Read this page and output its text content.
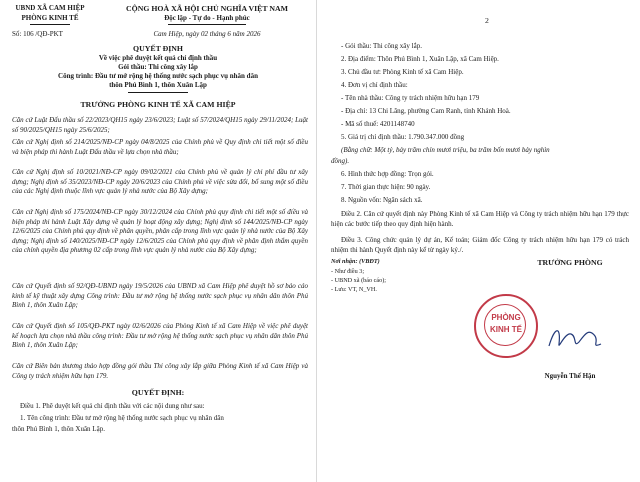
UBND XÃ CAM HIỆP
PHÒNG KINH TẾ
Số: 106 /QĐ-PKT
CỘNG HOÀ XÃ HỘI CHỦ NGHĨA VIỆT NAM
Độc lập - Tự do - Hạnh phúc
Cam Hiệp, ngày 02 tháng 6 năm 2026
QUYẾT ĐỊNH
Về việc phê duyệt kết quả chỉ định thầu
Gói thầu: Thi công xây lắp
Công trình: Đầu tư mở rộng hệ thống nước sạch phục vụ nhân dân
thôn Phú Bình 1, thôn Xuân Lập
TRƯỞNG PHÒNG KINH TẾ XÃ CAM HIỆP
Căn cứ Luật Đấu thầu số 22/2023/QH15 ngày 23/6/2023; Luật số 57/2024/QH15 ngày 29/11/2024; Luật số 90/2025/QH15 ngày 25/6/2025;
Căn cứ Nghị định số 214/2025/NĐ-CP ngày 04/8/2025 của Chính phủ về Quy định chi tiết một số điều và biện pháp thi hành Luật Đấu thầu về lựa chọn nhà thầu;
Căn cứ Nghị định số 10/2021/NĐ-CP ngày 09/02/2021 của Chính phủ về quản lý chi phí đầu tư xây dựng; Nghị định số 35/2023/NĐ-CP ngày 20/6/2023 của Chính phủ về việc sửa đổi, bổ sung một số điều của các Nghị định thuộc lĩnh vực quản lý nhà nước của Bộ Xây dựng;
Căn cứ Nghị định số 175/2024/NĐ-CP ngày 30/12/2024 của Chính phủ quy định chi tiết một số điều và biện pháp thi hành Luật Xây dựng về quản lý hoạt động xây dựng; Nghị định số 144/2025/NĐ-CP ngày 12/6/2025 của Chính phủ quy định về phân quyền, phân cấp trong lĩnh vực quản lý nhà nước của Bộ Xây dựng; Nghị định số 140/2025/NĐ-CP ngày 12/6/2025 của Chính phủ quy định về phân định thẩm quyền của chính quyền địa phương 02 cấp trong lĩnh vực quản lý nhà nước của Bộ Xây dựng;
Căn cứ Quyết định số 92/QĐ-UBND ngày 19/5/2026 của UBND xã Cam Hiệp phê duyệt hồ sơ báo cáo kinh tế kỹ thuật xây dựng Công trình: Đầu tư mở rộng hệ thống nước sạch phục vụ nhân dân thôn Phú Bình 1, thôn Xuân Lập;
Căn cứ Quyết định số 105/QĐ-PKT ngày 02/6/2026 của Phòng Kinh tế xã Cam Hiệp về việc phê duyệt kế hoạch lựa chọn nhà thầu công trình: Đầu tư mở rộng hệ thống nước sạch phục vụ nhân dân thôn Phú Bình 1, thôn Xuân Lập;
Căn cứ Biên bản thương thảo hợp đồng gói thầu Thi công xây lắp giữa Phòng Kinh tế xã Cam Hiệp và Công ty trách nhiệm hữu hạn 179.
QUYẾT ĐỊNH:
Điều 1. Phê duyệt kết quả chỉ định thầu với các nội dung như sau:
1. Tên công trình: Đầu tư mở rộng hệ thống nước sạch phục vụ nhân dân
thôn Phú Bình 1, thôn Xuân Lập.
2
- Gói thầu: Thi công xây lắp.
2. Địa điểm: Thôn Phú Bình 1, Xuân Lập, xã Cam Hiệp.
3. Chủ đầu tư: Phòng Kinh tế xã Cam Hiệp.
4. Đơn vị chỉ định thầu:
- Tên nhà thầu: Công ty trách nhiệm hữu hạn 179
- Địa chỉ: 13 Chi Lăng, phường Cam Ranh, tỉnh Khánh Hoà.
- Mã số thuế: 4201148740
5. Giá trị chỉ định thầu: 1.790.347.000 đồng
(Bằng chữ: Một tỷ, bảy trăm chín mươi triệu, ba trăm bốn mươi bảy nghìn
đồng).
6. Hình thức hợp đồng: Trọn gói.
7. Thời gian thực hiện: 90 ngày.
8. Nguồn vốn: Ngân sách xã.
Điều 2. Căn cứ quyết định này Phòng Kinh tế xã Cam Hiệp và Công ty trách nhiệm hữu hạn 179 thực hiện các bước tiếp theo quy định hiện hành.
Điều 3. Công chức quản lý dự án, Kế toán; Giám đốc Công ty trách nhiệm hữu hạn 179 có trách nhiệm thi hành Quyết định này kể từ ngày ký./.
Nơi nhận: (VBĐT)
- Như điều 3;
- UBND xã (báo cáo);
- Lưu: VT, N_VH.
TRƯỞNG PHÒNG
PHÒNG
KINH TẾ
Nguyễn Thế Hận
